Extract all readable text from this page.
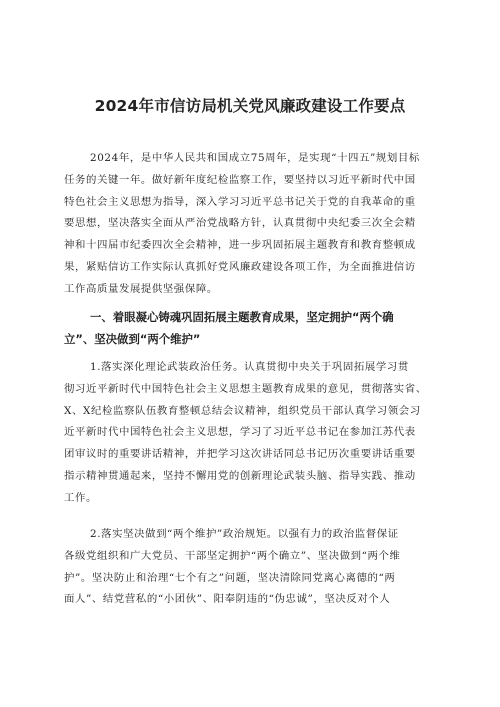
2024年市信访局机关党风廉政建设工作要点
2024年，是中华人民共和国成立75周年，是实现“十四五”规划目标
任务的关键一年。做好新年度纪检监察工作，要坚持以习近平新时代中国
特色社会主义思想为指导，深入学习习近平总书记关于党的自我革命的重
要思想，坚决落实全面从严治党战略方针，认真贯彻中央纪委三次全会精
神和十四届市纪委四次全会精神，进一步巩固拓展主题教育和教育整顿成
果，紧贴信访工作实际认真抓好党风廉政建设各项工作，为全面推进信访
工作高质量发展提供坚强保障。
一、着眼凝心铸魂巩固拓展主题教育成果，坚定拥护“两个确
立”、坚决做到“两个维护”
1.落实深化理论武装政治任务。认真贯彻中央关于巩固拓展学习贯
彻习近平新时代中国特色社会主义思想主题教育成果的意见，贯彻落实省、
X、X纪检监察队伍教育整顿总结会议精神，组织党员干部认真学习领会习
近平新时代中国特色社会主义思想，学习了习近平总书记在参加江苏代表
团审议时的重要讲话精神，并把学习这次讲话同总书记历次重要讲话重要
指示精神贯通起来，坚持不懈用党的创新理论武装头脑、指导实践、推动
工作。
2.落实坚决做到“两个维护”政治规矩。以强有力的政治监督保证
各级党组织和广大党员、干部坚定拥护“两个确立”、坚决做到“两个维
护”。坚决防止和治理“七个有之”问题，坚决清除同党离心离德的“两
面人”、结党营私的“小团伙”、阳奉阴违的“伪忠诚”，坚决反对个人
